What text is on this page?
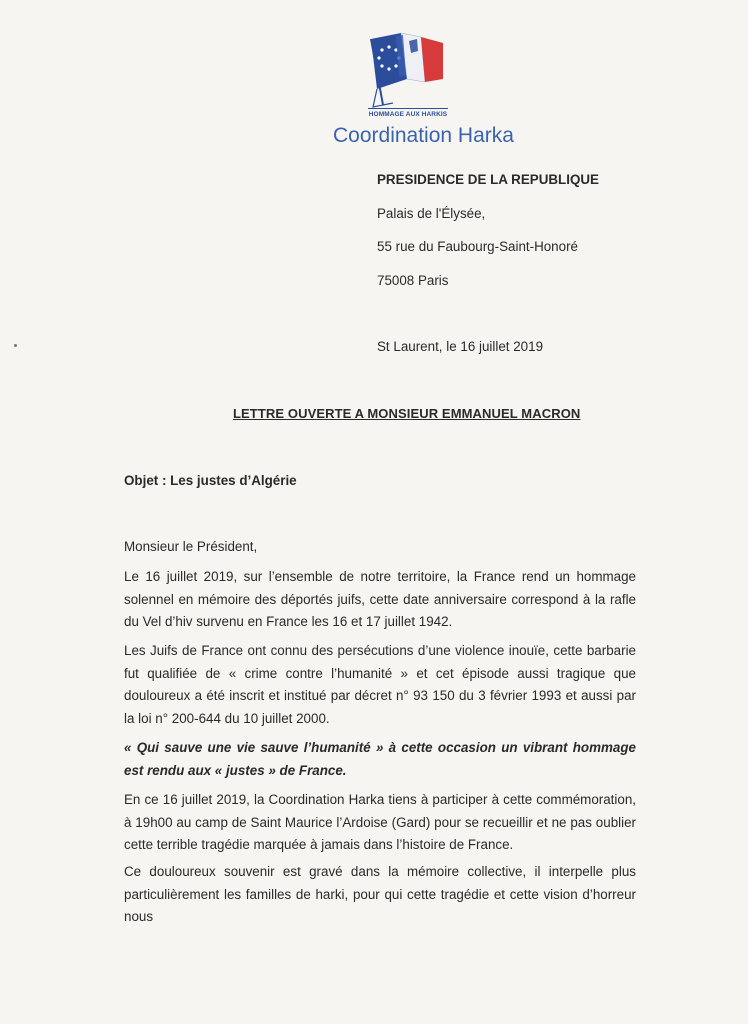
HOMMAGE AUX HARKIS
Coordination Harka
PRESIDENCE DE LA REPUBLIQUE
Palais de l'Élysée,
55 rue du Faubourg-Saint-Honoré
75008 Paris
St Laurent, le 16 juillet 2019
LETTRE OUVERTE A MONSIEUR EMMANUEL MACRON
Objet : Les justes d’Algérie
Monsieur le Président,
Le 16 juillet 2019, sur l’ensemble de notre territoire, la France rend un hommage solennel en mémoire des déportés juifs, cette date anniversaire correspond à la rafle du Vel d’hiv survenu en France les 16 et 17 juillet 1942.
Les Juifs de France ont connu des persécutions d’une violence inouïe, cette barbarie fut qualifiée de « crime contre l’humanité » et cet épisode aussi tragique que douloureux a été inscrit et institué par décret n° 93 150 du 3 février 1993 et aussi par la loi n° 200-644 du 10 juillet 2000.
« Qui sauve une vie sauve l’humanité » à cette occasion un vibrant hommage est rendu aux « justes » de France.
En ce 16 juillet 2019, la Coordination Harka tiens à participer à cette commémoration, à 19h00 au camp de Saint Maurice l’Ardoise (Gard) pour se recueillir et ne pas oublier cette terrible tragédie marquée à jamais dans l’histoire de France.
Ce douloureux souvenir est gravé dans la mémoire collective, il interpelle plus particulièrement les familles de harki, pour qui cette tragédie et cette vision d’horreur nous
